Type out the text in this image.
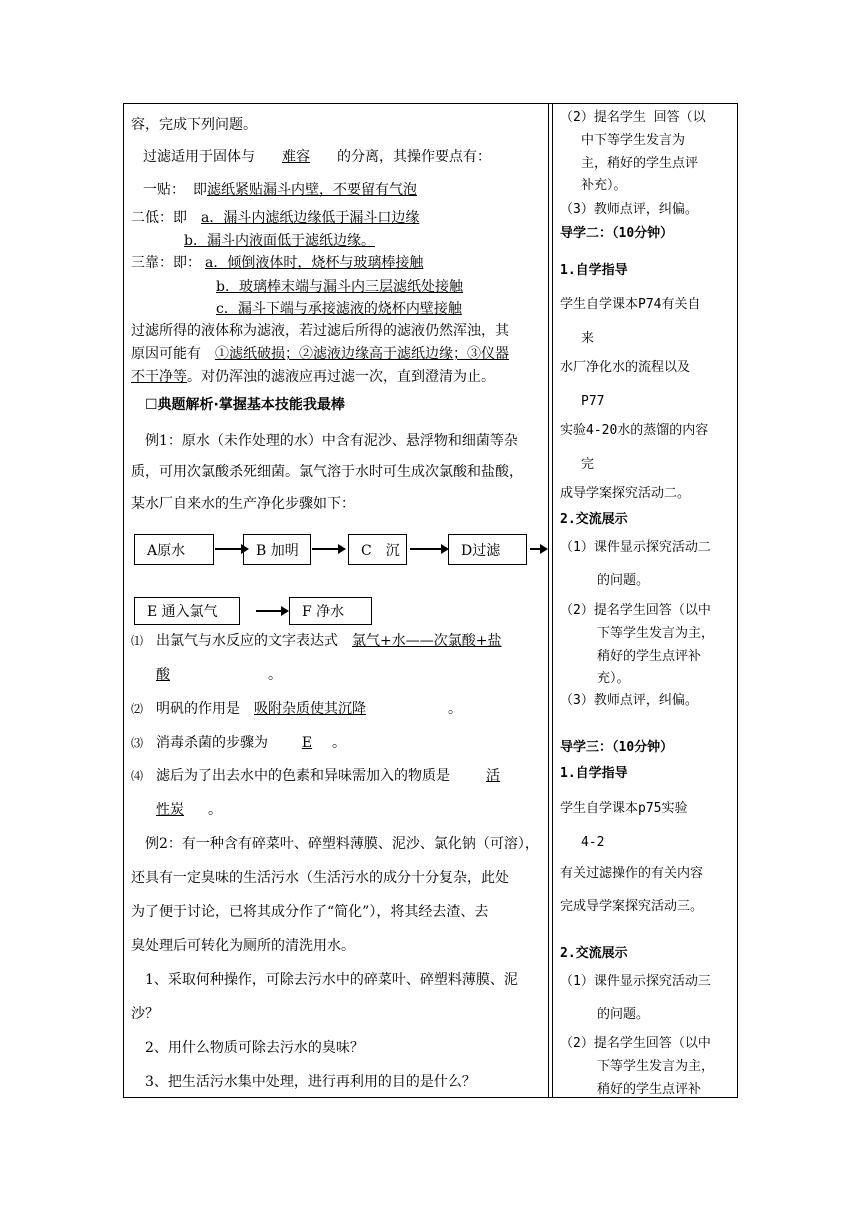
容，完成下列问题。
过滤适用于固体与 难容 的分离，其操作要点有：
一贴： 即滤纸紧贴漏斗内壁，不要留有气泡
二低：即 a．漏斗内滤纸边缘低于漏斗口边缘
b．漏斗内液面低于滤纸边缘。
三靠：即： a．倾倒液体时，烧杯与玻璃棒接触
b．玻璃棒末端与漏斗内三层滤纸处接触
c．漏斗下端与承接滤液的烧杯内壁接触
过滤所得的液体称为滤液，若过滤后所得的滤液仍然浑浊，其
原因可能有 ①滤纸破损；②滤液边缘高于滤纸边缘；③仪器
不干净等。对仍浑浊的滤液应再过滤一次，直到澄清为止。
☐典题解析·掌握基本技能我最棒
例1：原水（未作处理的水）中含有泥沙、悬浮物和细菌等杂
质，可用次氯酸杀死细菌。氯气溶于水时可生成次氯酸和盐酸，
某水厂自来水的生产净化步骤如下：
A原水	B 加明	C　沉	D过滤
E 通入氯气	F 净水
⑴ 出氯气与水反应的文字表达式 氯气+水——次氯酸+盐
酸	。
⑵ 明矾的作用是 吸附杂质使其沉降	。
⑶ 消毒杀菌的步骤为 E 。
⑷ 滤后为了出去水中的色素和异味需加入的物质是	活
性炭 。
例2：有一种含有碎菜叶、碎塑料薄膜、泥沙、氯化钠（可溶），
还具有一定臭味的生活污水（生活污水的成分十分复杂，此处
为了便于讨论，已将其成分作了“简化”），将其经去渣、去
臭处理后可转化为厕所的清洗用水。
1、采取何种操作，可除去污水中的碎菜叶、碎塑料薄膜、泥
沙？
2、用什么物质可除去污水的臭味？
3、把生活污水集中处理，进行再利用的目的是什么？
（2）提名学生 回答（以
中下等学生发言为
主，稍好的学生点评
补充）。
（3）教师点评，纠偏。
导学二：（10分钟）
1.自学指导
学生自学课本P74有关自
来
水厂净化水的流程以及
P77
实验4-20水的蒸馏的内容
完
成导学案探究活动二。
2.交流展示
（1）课件显示探究活动二
的问题。
（2）提名学生回答（以中
下等学生发言为主，
稍好的学生点评补
充）。
（3）教师点评，纠偏。
导学三：（10分钟）
1.自学指导
学生自学课本p75实验
4-2
有关过滤操作的有关内容
完成导学案探究活动三。
2.交流展示
（1）课件显示探究活动三
的问题。
（2）提名学生回答（以中
下等学生发言为主，
稍好的学生点评补
